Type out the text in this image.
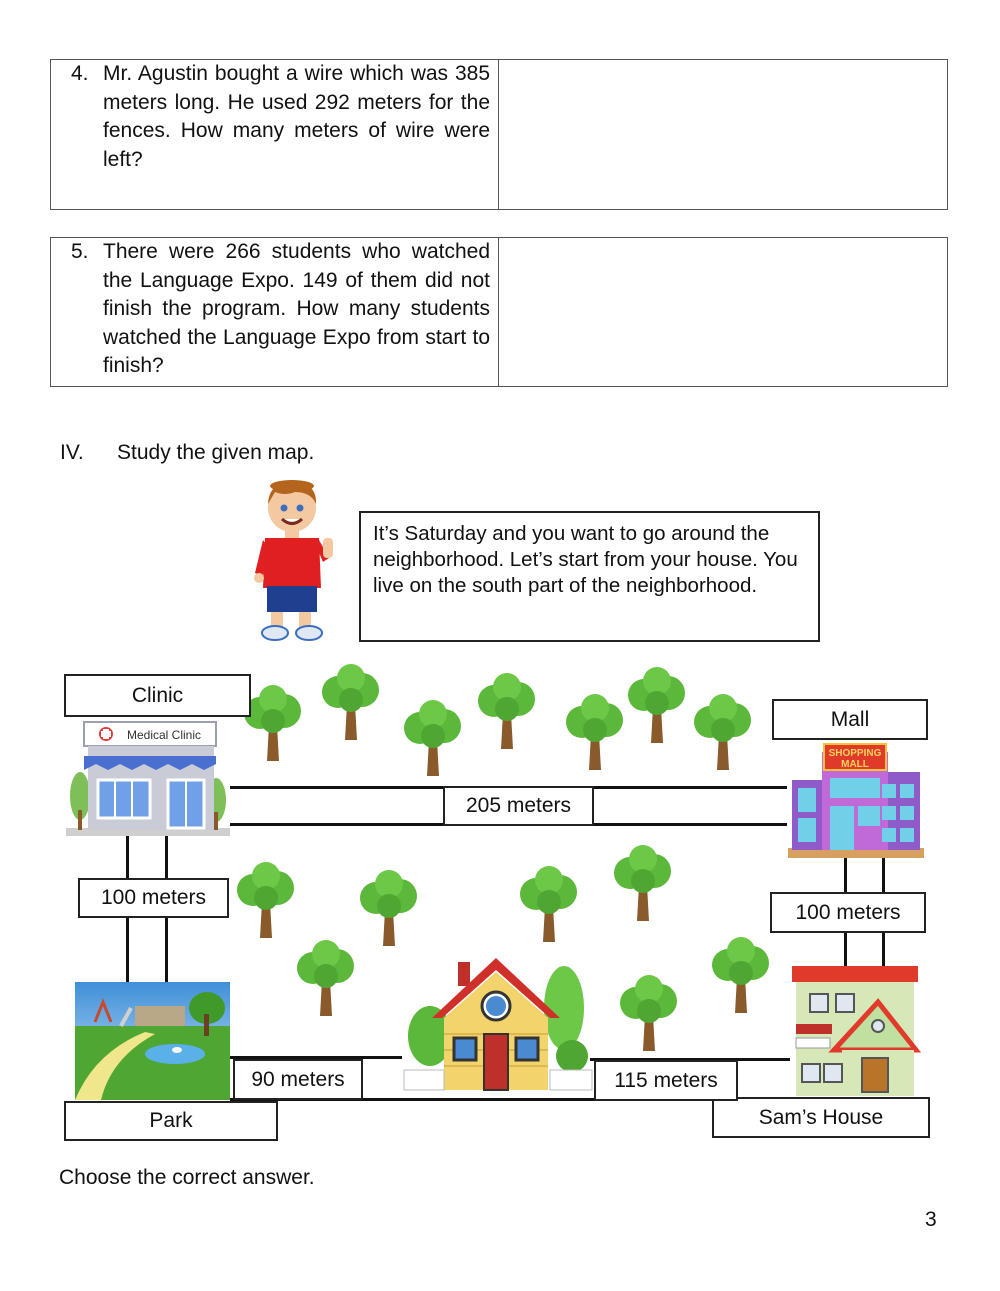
4. Mr. Agustin bought a wire which was 385 meters long. He used 292 meters for the fences. How many meters of wire were left?
5. There were 266 students who watched the Language Expo. 149 of them did not finish the program. How many students watched the Language Expo from start to finish?
IV. Study the given map.
It’s Saturday and you want to go around the neighborhood. Let’s start from your house. You live on the south part of the neighborhood.
Medical Clinic
SHOPPING
MALL
Clinic
Mall
Park	Sam’s House
205 meters
100 meters
100 meters
90 meters	115 meters
Choose the correct answer.
3
